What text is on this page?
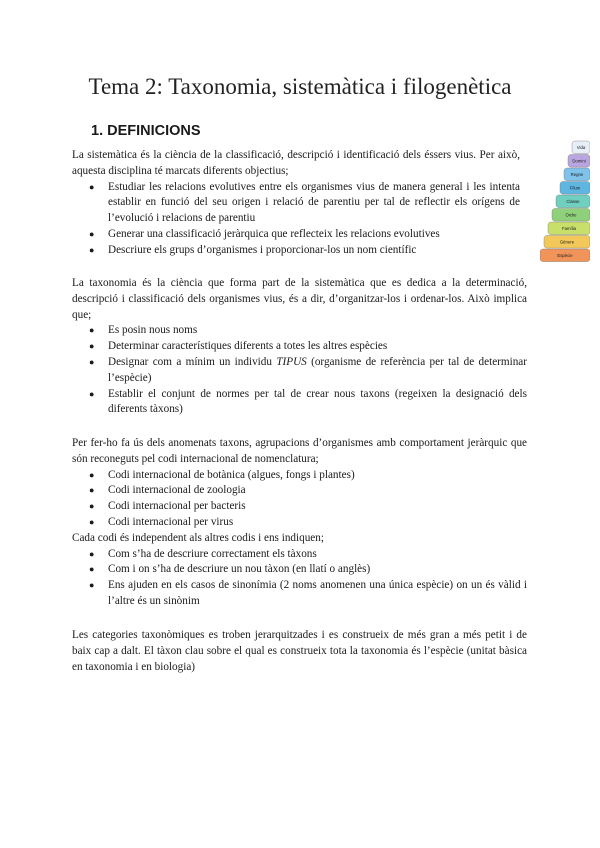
Tema 2: Taxonomia, sistemàtica i filogenètica
1. DEFINICIONS
Vida
Domini
Regne
Fílum
Classe
Ordre
Família
Gènere
Espècie

La sistemàtica és la ciència de la classificació, descripció i identificació dels éssers vius. Per això, aquesta disciplina té marcats diferents objectius;

● Estudiar les relacions evolutives entre els organismes vius de manera general i les intenta establir en funció del seu origen i relació de parentiu per tal de reflectir els orígens de l’evolució i relacions de parentiu
● Generar una classificació jeràrquica que reflecteix les relacions evolutives
● Descriure els grups d’organismes i proporcionar-los un nom científic

La taxonomia és la ciència que forma part de la sistemàtica que es dedica a la determinació, descripció i classificació dels organismes vius, és a dir, d’organitzar-los i ordenar-los. Això implica que;

● Es posin nous noms
● Determinar característiques diferents a totes les altres espècies
● Designar com a mínim un individu TIPUS (organisme de referència per tal de determinar l’espècie)
● Establir el conjunt de normes per tal de crear nous taxons (regeixen la designació dels diferents tàxons)

Per fer-ho fa ús dels anomenats taxons, agrupacions d’organismes amb comportament jeràrquic que són reconeguts pel codi internacional de nomenclatura;

● Codi internacional de botànica (algues, fongs i plantes)
● Codi internacional de zoologia
● Codi internacional per bacteris
● Codi internacional per virus

Cada codi és independent als altres codis i ens indiquen;

● Com s’ha de descriure correctament els tàxons
● Com i on s’ha de descriure un nou tàxon (en llatí o anglès)
● Ens ajuden en els casos de sinonímia (2 noms anomenen una única espècie) on un és vàlid i l’altre és un sinònim

Les categories taxonòmiques es troben jerarquitzades i es construeix de més gran a més petit i de baix cap a dalt. El tàxon clau sobre el qual es construeix tota la taxonomia és l’espècie (unitat bàsica en taxonomia i en biologia)
